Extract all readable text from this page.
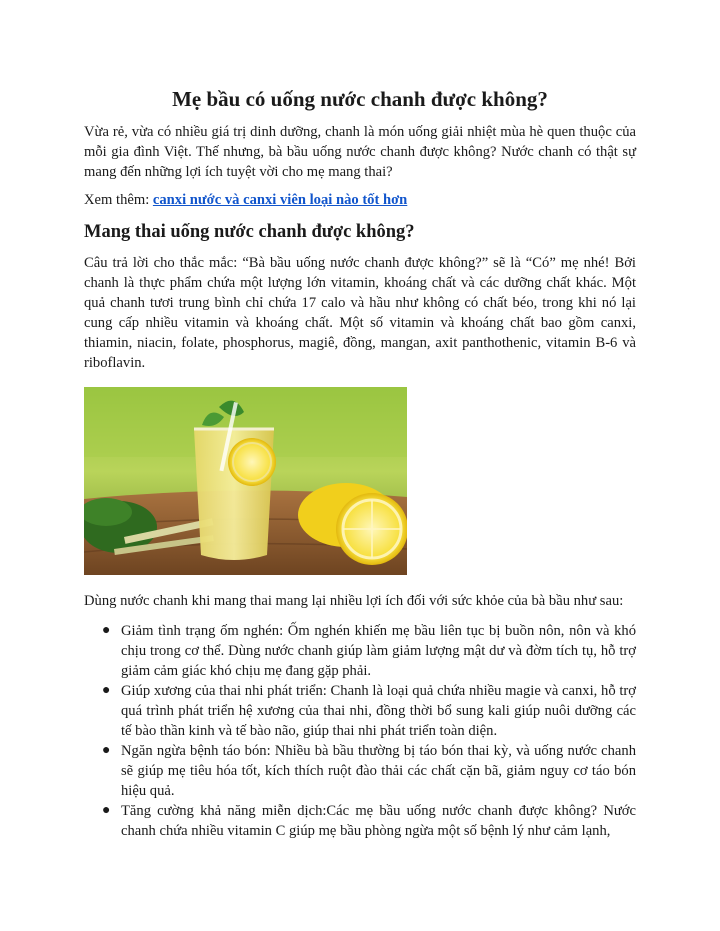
Mẹ bầu có uống nước chanh được không?

Vừa rẻ, vừa có nhiều giá trị dinh dưỡng, chanh là món uống giải nhiệt mùa hè quen thuộc của mỗi gia đình Việt. Thế nhưng, bà bầu uống nước chanh được không? Nước chanh có thật sự mang đến những lợi ích tuyệt vời cho mẹ mang thai?

Xem thêm: canxi nước và canxi viên loại nào tốt hơn

Mang thai uống nước chanh được không?

Câu trả lời cho thắc mắc: “Bà bầu uống nước chanh được không?” sẽ là “Có” mẹ nhé! Bởi chanh là thực phẩm chứa một lượng lớn vitamin, khoáng chất và các dưỡng chất khác. Một quả chanh tươi trung bình chỉ chứa 17 calo và hầu như không có chất béo, trong khi nó lại cung cấp nhiều vitamin và khoáng chất. Một số vitamin và khoáng chất bao gồm canxi, thiamin, niacin, folate, phosphorus, magiê, đồng, mangan, axit panthothenic, vitamin B-6 và riboflavin.

Dùng nước chanh khi mang thai mang lại nhiều lợi ích đối với sức khỏe của bà bầu như sau:

● Giảm tình trạng ốm nghén: Ốm nghén khiến mẹ bầu liên tục bị buồn nôn, nôn và khó chịu trong cơ thể. Dùng nước chanh giúp làm giảm lượng mật dư và đờm tích tụ, hỗ trợ giảm cảm giác khó chịu mẹ đang gặp phải.
● Giúp xương của thai nhi phát triển: Chanh là loại quả chứa nhiều magie và canxi, hỗ trợ quá trình phát triển hệ xương của thai nhi, đồng thời bổ sung kali giúp nuôi dưỡng các tế bào thần kinh và tế bào não, giúp thai nhi phát triển toàn diện.
● Ngăn ngừa bệnh táo bón: Nhiều bà bầu thường bị táo bón thai kỳ, và uống nước chanh sẽ giúp mẹ tiêu hóa tốt, kích thích ruột đào thải các chất cặn bã, giảm nguy cơ táo bón hiệu quả.
● Tăng cường khả năng miễn dịch:Các mẹ bầu uống nước chanh được không? Nước chanh chứa nhiều vitamin C giúp mẹ bầu phòng ngừa một số bệnh lý như cảm lạnh,
